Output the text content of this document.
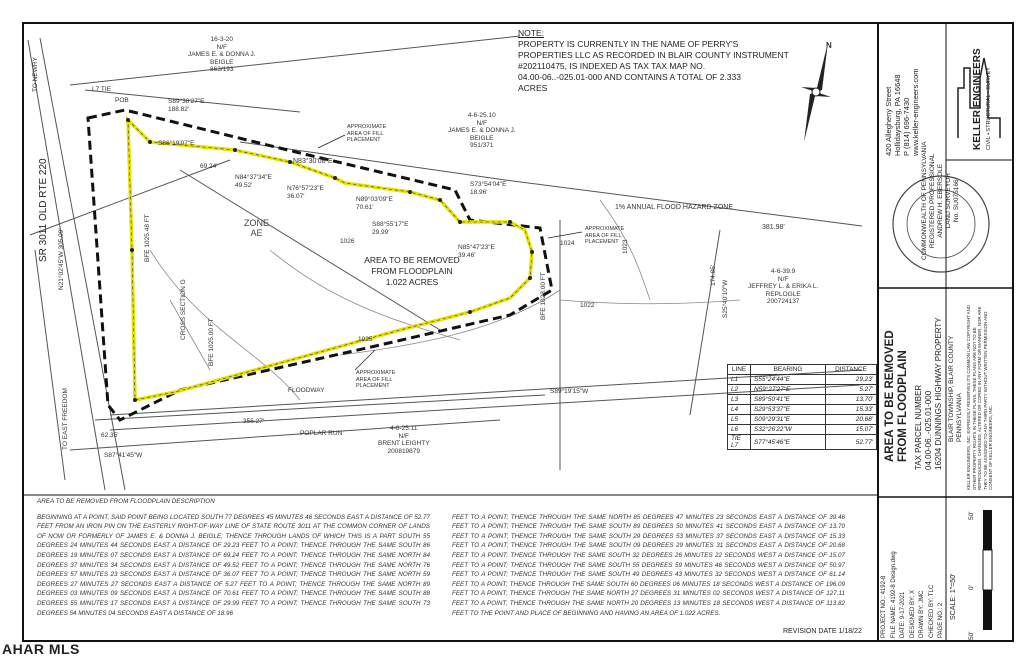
NOTE:
PROPERTY IS CURRENTLY IN THE NAME OF PERRY'S
PROPERTIES LLC AS RECORDED IN BLAIR COUNTY INSTRUMENT
#202110475, IS INDEXED AS TAX TAX MAP NO.
04.00-06..-025.01-000 AND CONTAINS A TOTAL OF 2.333
ACRES
16-3-20
N/F
JAMES E. & DONNA J.
BEIGLE
863/193
4-6-25.10
N/F
JAMES E. & DONNA J.
BEIGLE
951/371
4-6-39.9
N/F
JEFFREY L. & ERIKA L.
REPLOGLE
200724137
4-6-25.11
N/F
BRENT LEIGHTY
200819879
TO NEWRY
TO EAST FREEDOM
SR 3011 OLD RTE 220
N21°02'45"W 305.09'
POB
L7 TIE
S89°38'27"E
188.82'
N83°30'08"E
S86°19'07"E
69.24'
N84°37'34"E
49.52'	N76°57'23"E
36.07'	N89°03'09"E
70.61'
S88°55'17"E
29.99'
S73°54'04"E
18.96'
N85°47'23"E
39.46'
APPROXIMATE
AREA OF FILL
PLACEMENT
APPROXIMATE
AREA OF FILL
PLACEMENT
APPROXIMATE
AREA OF FILL
PLACEMENT
1% ANNUAL FLOOD HAZARD ZONE
381.98'
ZONE
AE
AREA TO BE REMOVED
FROM FLOODPLAIN
1.022 ACRES
1026
1025
1024	1023
1022
BFE 1025.48 FT
BFE 1025.00 FT
BFE 1023.00 FT
CROSS SECTION G
FLOODWAY
POPLAR RUN
S89°19'15"W
355.27'
S87°41'45"W
62.35'
S25°40'10"W
174.85'
N
LINE	BEARING	DISTANCE
L1	S55°24'44"E	29.23'
L2	N59°27'27"E	5.27'
L3	S89°50'41"E	13.70'
L4	S29°53'37"E	15.33'
L5	S09°29'31"E	20.68'
L6	S32°26'22"W	15.07'
TIE L7	S77°45'46"E	52.77'
AREA TO BE REMOVED FROM FLOODPLAIN DESCRIPTION
BEGINNING AT A POINT, SAID POINT BEING LOCATED SOUTH 77 DEGREES 45 MINUTES 46 SECONDS EAST A DISTANCE OF 52.77 FEET FROM AN IRON PIN ON THE EASTERLY RIGHT-OF-WAY LINE OF STATE ROUTE 3011 AT THE COMMON CORNER OF LANDS OF NOW OR FORMERLY OF JAMES E. & DONNA J. BEIGLE; THENCE THROUGH LANDS OF WHICH THIS IS A PART SOUTH 55 DEGREES 24 MINUTES 44 SECONDS EAST A DISTANCE OF 29.23 FEET TO A POINT; THENCE THROUGH THE SAME SOUTH 86 DEGREES 19 MINUTES 07 SECONDS EAST A DISTANCE OF 69.24 FEET TO A POINT; THENCE THROUGH THE SAME NORTH 84 DEGREES 37 MINUTES 34 SECONDS EAST A DISTANCE OF 49.52 FEET TO A POINT; THENCE THROUGH THE SAME NORTH 76 DEGREES 57 MINUTES 23 SECONDS EAST A DISTANCE OF 36.07 FEET TO A POINT; THENCE THROUGH THE SAME NORTH 59 DEGREES 27 MINUTES 27 SECONDS EAST A DISTANCE OF 5.27 FEET TO A POINT; THENCE THROUGH THE SAME NORTH 89 DEGREES 03 MINUTES 09 SECONDS EAST A DISTANCE OF 70.61 FEET TO A POINT; THENCE THROUGH THE SAME SOUTH 88 DEGREES 55 MINUTES 17 SECONDS EAST A DISTANCE OF 29.99 FEET TO A POINT; THENCE THROUGH THE SAME SOUTH 73 DEGREES 54 MINUTES 04 SECONDS EAST A DISTANCE OF 18.96
FEET TO A POINT; THENCE THROUGH THE SAME NORTH 85 DEGREES 47 MINUTES 23 SECONDS EAST A DISTANCE OF 39.46 FEET TO A POINT; THENCE THROUGH THE SAME SOUTH 89 DEGREES 50 MINUTES 41 SECONDS EAST A DISTANCE OF 13.70 FEET TO A POINT; THENCE THROUGH THE SAME SOUTH 29 DEGREES 53 MINUTES 37 SECONDS EAST A DISTANCE OF 15.33 FEET TO A POINT; THENCE THROUGH THE SAME SOUTH 09 DEGREES 29 MINUTES 31 SECONDS EAST A DISTANCE OF 20.68 FEET TO A POINT; THENCE THROUGH THE SAME SOUTH 32 DEGREES 26 MINUTES 22 SECONDS WEST A DISTANCE OF 15.07 FEET TO A POINT; THENCE THROUGH THE SAME SOUTH 55 DEGREES 59 MINUTES 46 SECONDS WEST A DISTANCE OF 50.97 FEET TO A POINT; THENCE THROUGH THE SAME SOUTH 49 DEGREES 43 MINUTES 32 SECONDS WEST A DISTANCE OF 61.14 FEET TO A POINT; THENCE THROUGH THE SAME SOUTH 60 DEGREES 06 MINUTES 18 SECONDS WEST A DISTANCE OF 196.09 FEET TO A POINT; THENCE THROUGH THE SAME NORTH 27 DEGREES 31 MINUTES 02 SECONDS WEST A DISTANCE OF 127.11 FEET TO A POINT; THENCE THROUGH THE SAME NORTH 20 DEGREES 13 MINUTES 18 SECONDS WEST A DISTANCE OF 113.82 FEET TO THE POINT AND PLACE OF BEGINNING AND HAVING AN AREA OF 1.022 ACRES.
REVISION DATE 1/18/22
AHAR MLS
420 Allegheny Street Hollidaysburg, PA 16648 P (814) 696-7430 www.keller-engineers.com	KELLER ENGINEERS CIVIL • STRUCTURAL • SURVEY
COMMONWEALTH OF PENNSYLVANIA REGISTERED PROFESSIONAL ANDREW H. EBERSOLE LAND SURVEYOR No. SU075166
AREA TO BE REMOVED FROM FLOODPLAIN TAX PARCEL NUMBER 04.00-06..-025.01-000 16204 DUNNINGS HIGHWAY PROPERTY BLAIR TOWNSHIP, BLAIR COUNTY PENNSYLVANIA KELLER ENGINEERS, INC. EXPRESSLY RESERVES ITS COMMON LAW COPYRIGHT AND OTHER PROPERTY RIGHTS IN THESE PLANS. THESE PLANS ARE NOT TO BE REPRODUCED, CHANGED, ALTERED OR COPIED IN ANY FORM OR MANNER, NOR ARE THEY TO BE ASSIGNED TO ANY THIRD PARTY WITHOUT WRITTEN PERMISSION AND CONSENT OF KELLER ENGINEERS, INC.
PROJECT NO.: 4192-8
FILE NAME: 4192-8 Design.dwg
DATE: 9-17-2021 DESIGNED BY: X
DRAWN BY: JMC
CHECKED BY: TLC
PAGE NO.: 2 SCALE: 1"=50'
50'
0'
50'
